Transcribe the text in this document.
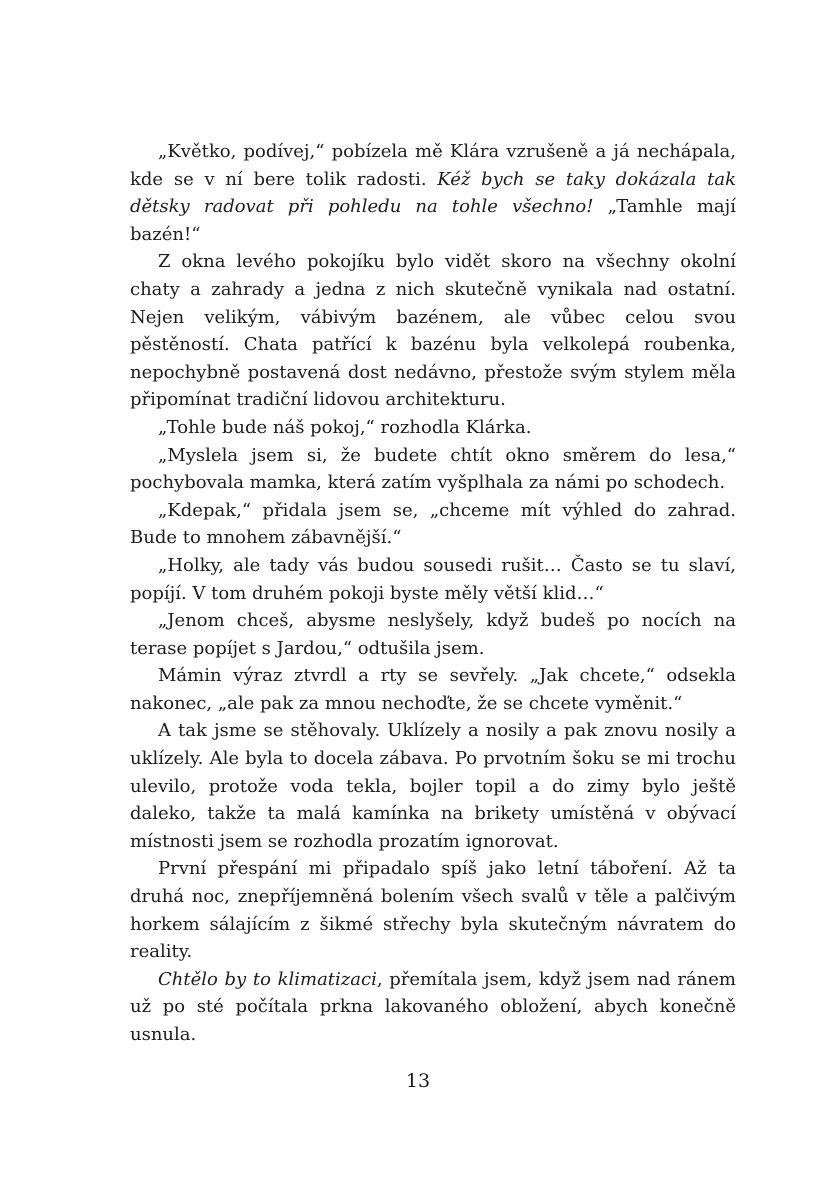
„Květko, podívej,“ pobízela mě Klára vzrušeně a já nechápala, kde se v ní bere tolik radosti. Kéž bych se taky dokázala tak dětsky radovat při pohledu na tohle všechno! „Tamhle mají bazén!“

Z okna levého pokojíku bylo vidět skoro na všechny okolní chaty a zahrady a jedna z nich skutečně vynikala nad ostatní. Nejen velikým, vábivým bazénem, ale vůbec celou svou pěstěností. Chata patřící k bazénu byla velkolepá roubenka, nepochybně postavená dost nedávno, přestože svým stylem měla připomínat tradiční lidovou architekturu.

„Tohle bude náš pokoj,“ rozhodla Klárka.

„Myslela jsem si, že budete chtít okno směrem do lesa,“ pochybovala mamka, která zatím vyšplhala za námi po schodech.

„Kdepak,“ přidala jsem se, „chceme mít výhled do zahrad. Bude to mnohem zábavnější.“

„Holky, ale tady vás budou sousedi rušit… Často se tu slaví, popíjí. V tom druhém pokoji byste měly větší klid…“

„Jenom chceš, abysme neslyšely, když budeš po nocích na terase popíjet s Jardou,“ odtušila jsem.

Mámin výraz ztvrdl a rty se sevřely. „Jak chcete,“ odsekla nakonec, „ale pak za mnou nechoďte, že se chcete vyměnit.“

A tak jsme se stěhovaly. Uklízely a nosily a pak znovu nosily a uklízely. Ale byla to docela zábava. Po prvotním šoku se mi trochu ulevilo, protože voda tekla, bojler topil a do zimy bylo ještě daleko, takže ta malá kamínka na brikety umístěná v obývací místnosti jsem se rozhodla prozatím ignorovat.

První přespání mi připadalo spíš jako letní táboření. Až ta druhá noc, znepříjemněná bolením všech svalů v těle a palčivým horkem sálajícím z šikmé střechy byla skutečným návratem do reality.

Chtělo by to klimatizaci, přemítala jsem, když jsem nad ránem už po sté počítala prkna lakovaného obložení, abych konečně usnula.

13
